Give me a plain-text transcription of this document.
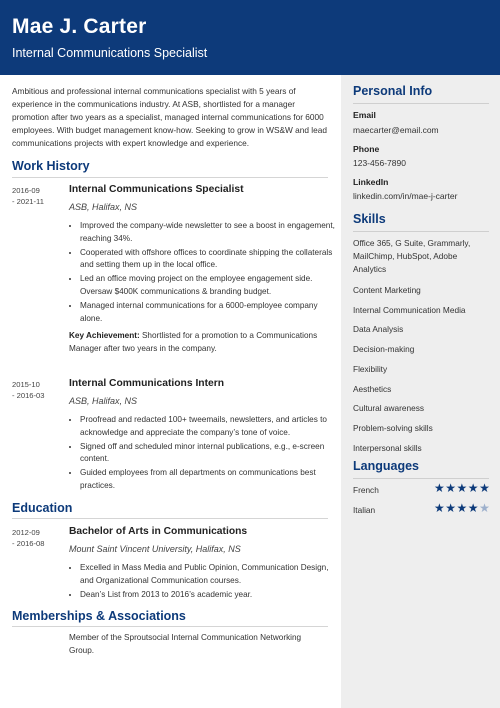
Mae J. Carter
Internal Communications Specialist
Personal Info
Email
maecarter@email.com
Phone
123-456-7890
LinkedIn
linkedin.com/in/mae-j-carter
Skills
Office 365, G Suite, Grammarly, MailChimp, HubSpot, Adobe Analytics
Content Marketing
Internal Communication Media
Data Analysis
Decision-making
Flexibility
Aesthetics
Cultural awareness
Problem-solving skills
Interpersonal skills
Languages
French	★★★★★
Italian	★★★★★
Ambitious and professional internal communications specialist with 5 years of experience in the communications industry. At ASB, shortlisted for a manager promotion after two years as a specialist, managed internal communications for 6000 employees. With budget management know-how. Seeking to grow in WS&W and lead communications projects with expert knowledge and experience.
Work History
2016-09
- 2021-11
Internal Communications Specialist
ASB, Halifax, NS
• Improved the company-wide newsletter to see a boost in engagement, reaching 34%.
• Cooperated with offshore offices to coordinate shipping the collaterals and setting them up in the local office.
• Led an office moving project on the employee engagement side. Oversaw $400K communications & branding budget.
• Managed internal communications for a 6000-employee company alone.
Key Achievement: Shortlisted for a promotion to a Communications Manager after two years in the company.
2015-10
- 2016-03
Internal Communications Intern
ASB, Halifax, NS
• Proofread and redacted 100+ tweemails, newsletters, and articles to acknowledge and appreciate the company’s tone of voice.
• Signed off and scheduled minor internal publications, e.g., e-screen content.
• Guided employees from all departments on communications best practices.
Education
2012-09
- 2016-08
Bachelor of Arts in Communications
Mount Saint Vincent University, Halifax, NS
• Excelled in Mass Media and Public Opinion, Communication Design, and Organizational Communication courses.
• Dean’s List from 2013 to 2016’s academic year.
Memberships & Associations
Member of the Sproutsocial Internal Communication Networking Group.
